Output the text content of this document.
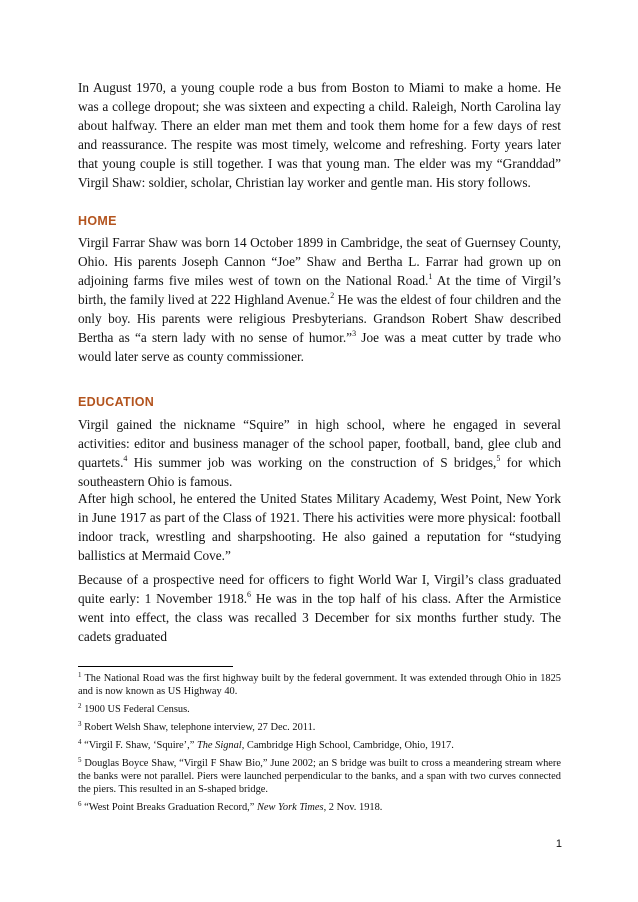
In August 1970, a young couple rode a bus from Boston to Miami to make a home. He was a college dropout; she was sixteen and expecting a child. Raleigh, North Carolina lay about halfway. There an elder man met them and took them home for a few days of rest and reassurance. The respite was most timely, welcome and refreshing. Forty years later that young couple is still together. I was that young man. The elder was my “Granddad” Virgil Shaw: soldier, scholar, Christian lay worker and gentle man. His story follows.

HOME

Virgil Farrar Shaw was born 14 October 1899 in Cambridge, the seat of Guernsey County, Ohio. His parents Joseph Cannon “Joe” Shaw and Bertha L. Farrar had grown up on adjoining farms five miles west of town on the National Road.$^1$ At the time of Virgil’s birth, the family lived at 222 Highland Avenue.$^2$ He was the eldest of four children and the only boy. His parents were religious Presbyterians. Grandson Robert Shaw described Bertha as “a stern lady with no sense of humor.”$^3$ Joe was a meat cutter by trade who would later serve as county commissioner.

EDUCATION

Virgil gained the nickname “Squire” in high school, where he engaged in several activities: editor and business manager of the school paper, football, band, glee club and quartets.$^4$ His summer job was working on the construction of S bridges,$^5$ for which southeastern Ohio is famous.

After high school, he entered the United States Military Academy, West Point, New York in June 1917 as part of the Class of 1921. There his activities were more physical: football indoor track, wrestling and sharpshooting. He also gained a reputation for “studying ballistics at Mermaid Cove.”

Because of a prospective need for officers to fight World War I, Virgil’s class graduated quite early: 1 November 1918.$^6$ He was in the top half of his class. After the Armistice went into effect, the class was recalled 3 December for six months further study. The cadets graduated

$^1$ The National Road was the first highway built by the federal government. It was extended through Ohio in 1825 and is now known as US Highway 40.

$^2$ 1900 US Federal Census.

$^3$ Robert Welsh Shaw, telephone interview, 27 Dec. 2011.

$^4$ “Virgil F. Shaw, ‘Squire’,” The Signal, Cambridge High School, Cambridge, Ohio, 1917.

$^5$ Douglas Boyce Shaw, “Virgil F Shaw Bio,” June 2002; an S bridge was built to cross a meandering stream where the banks were not parallel. Piers were launched perpendicular to the banks, and a span with two curves connected the piers. This resulted in an S-shaped bridge.

$^6$ “West Point Breaks Graduation Record,” New York Times, 2 Nov. 1918.

1
